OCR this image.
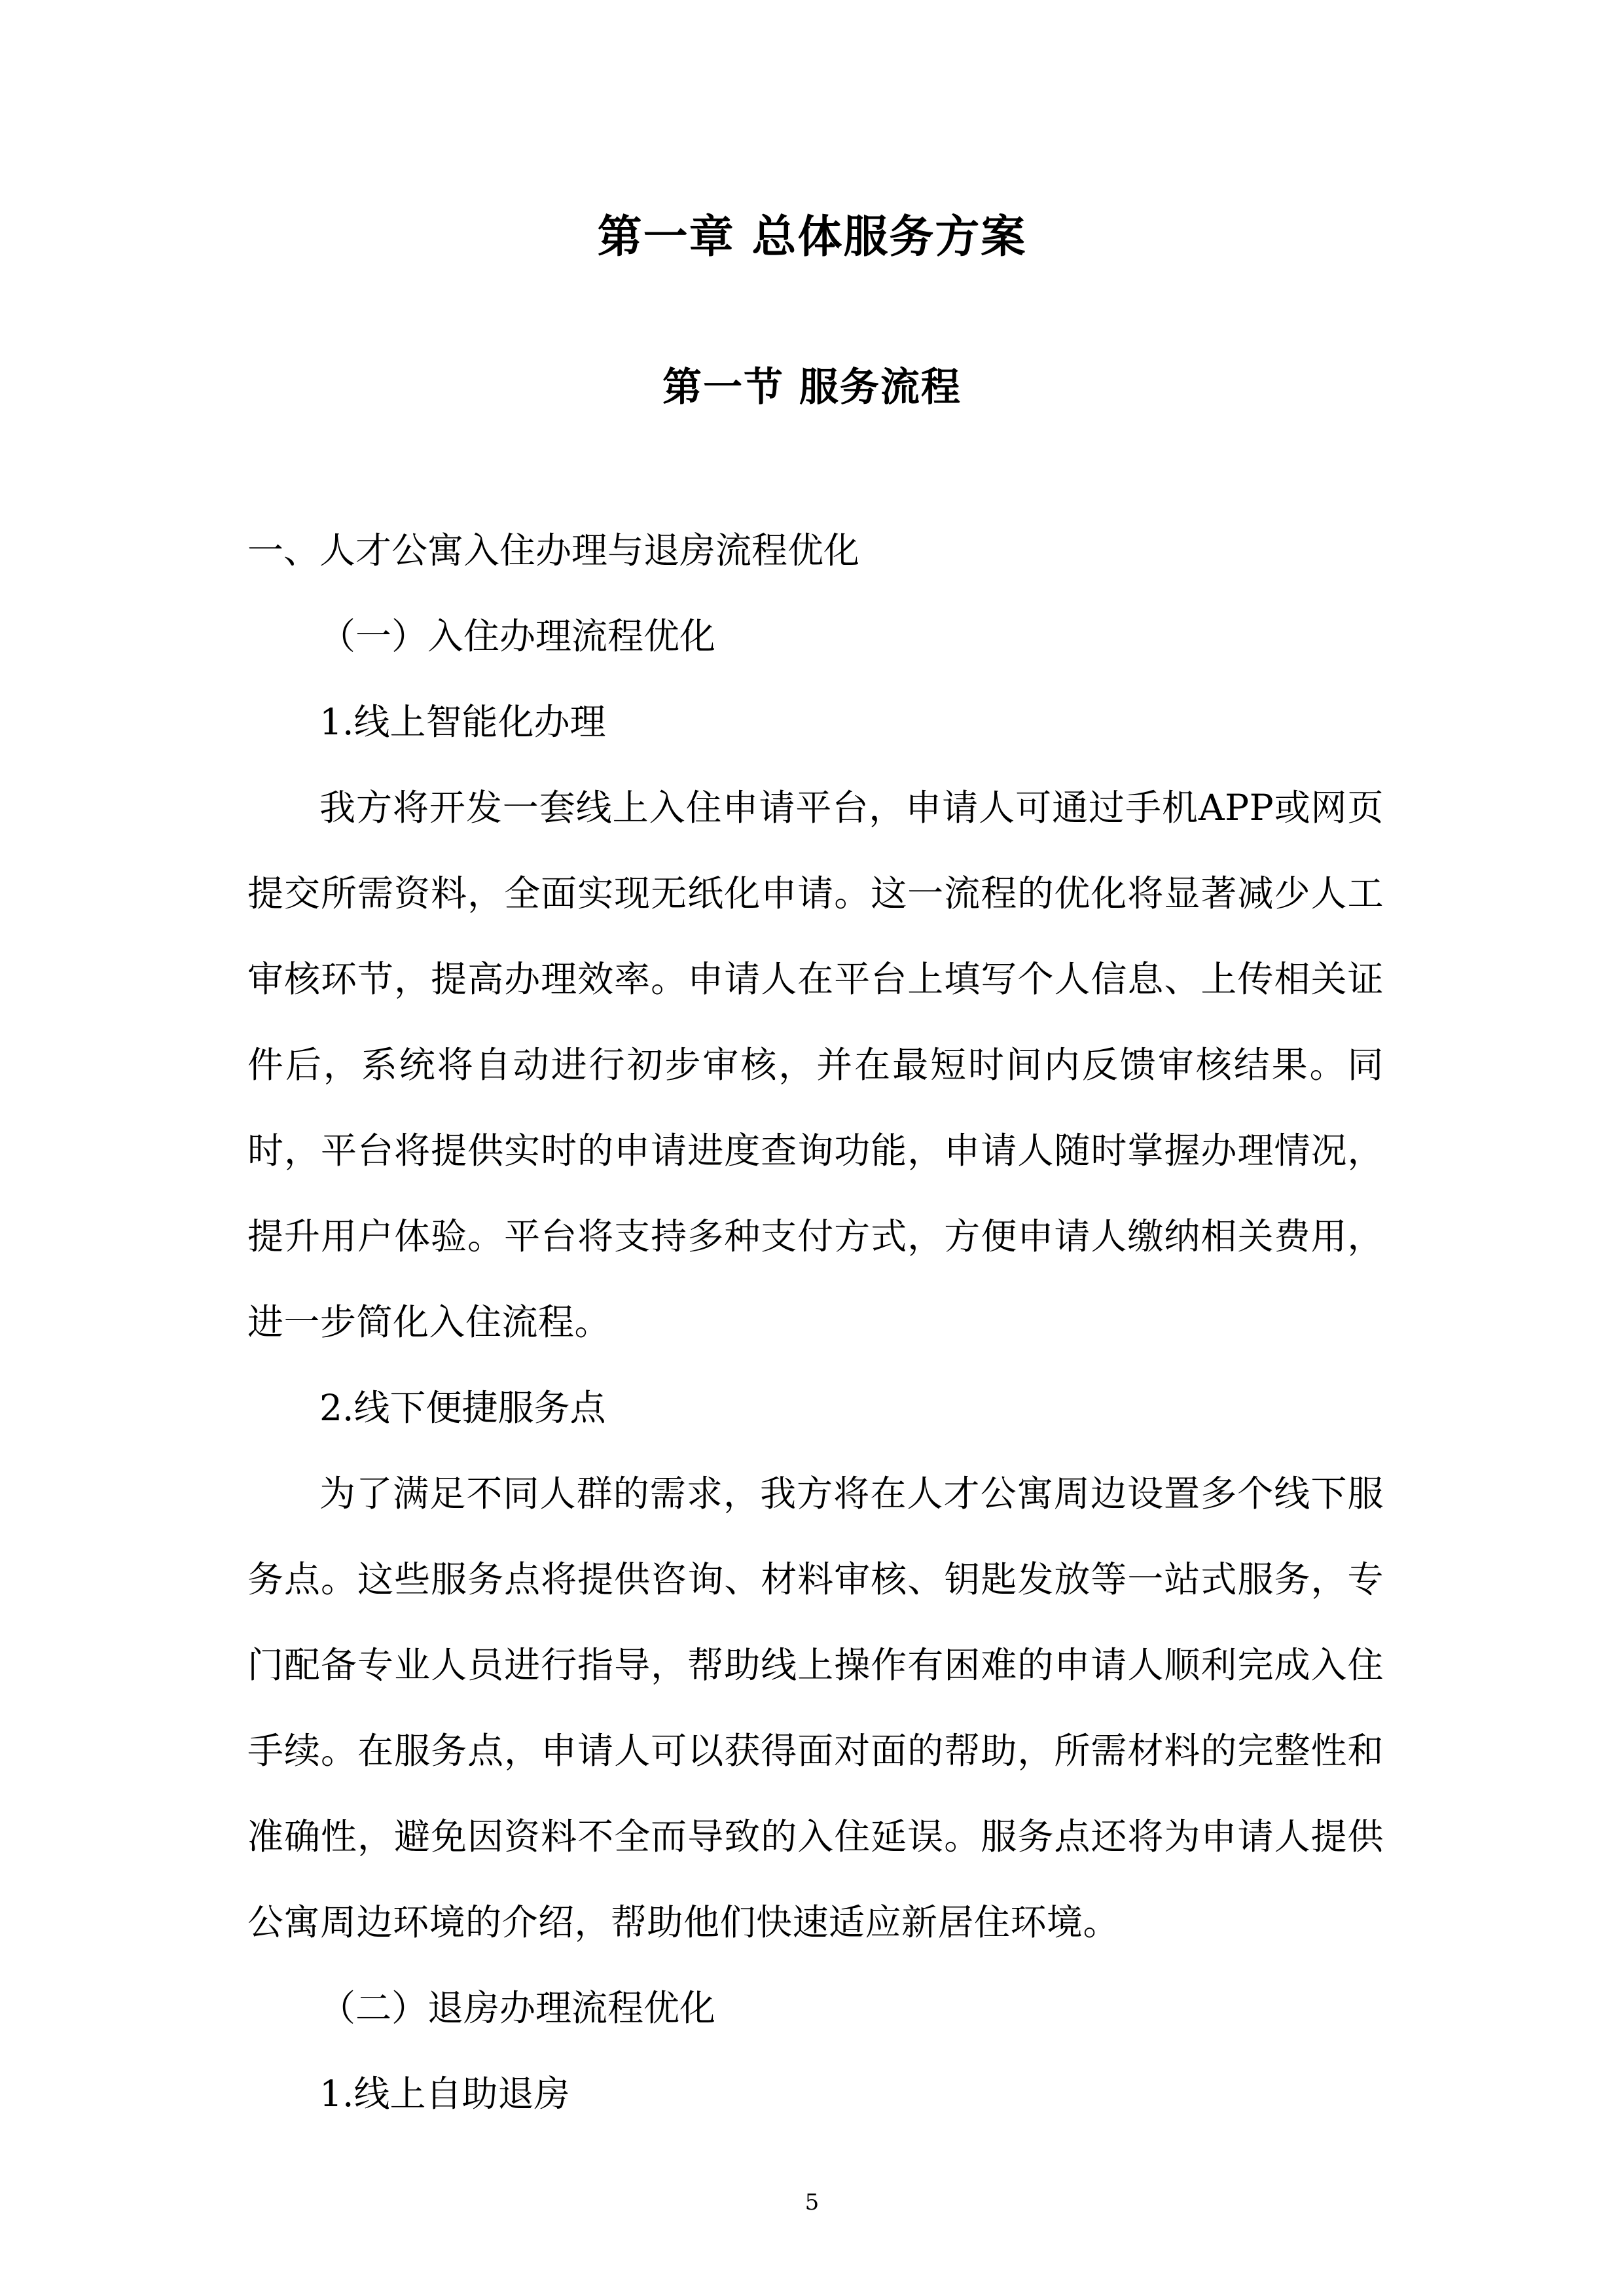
第一章 总体服务方案
第一节 服务流程
一、人才公寓入住办理与退房流程优化
（一）入住办理流程优化
1.线上智能化办理

我方将开发一套线上入住申请平台，申请人可通过手机APP或网页提交所需资料，全面实现无纸化申请。这一流程的优化将显著减少人工审核环节，提高办理效率。申请人在平台上填写个人信息、上传相关证件后，系统将自动进行初步审核，并在最短时间内反馈审核结果。同时，平台将提供实时的申请进度查询功能，申请人随时掌握办理情况，提升用户体验。平台将支持多种支付方式，方便申请人缴纳相关费用，进一步简化入住流程。

2.线下便捷服务点

为了满足不同人群的需求，我方将在人才公寓周边设置多个线下服务点。这些服务点将提供咨询、材料审核、钥匙发放等一站式服务，专门配备专业人员进行指导，帮助线上操作有困难的申请人顺利完成入住手续。在服务点，申请人可以获得面对面的帮助，所需材料的完整性和准确性，避免因资料不全而导致的入住延误。服务点还将为申请人提供公寓周边环境的介绍，帮助他们快速适应新居住环境。

（二）退房办理流程优化
1.线上自助退房
5
